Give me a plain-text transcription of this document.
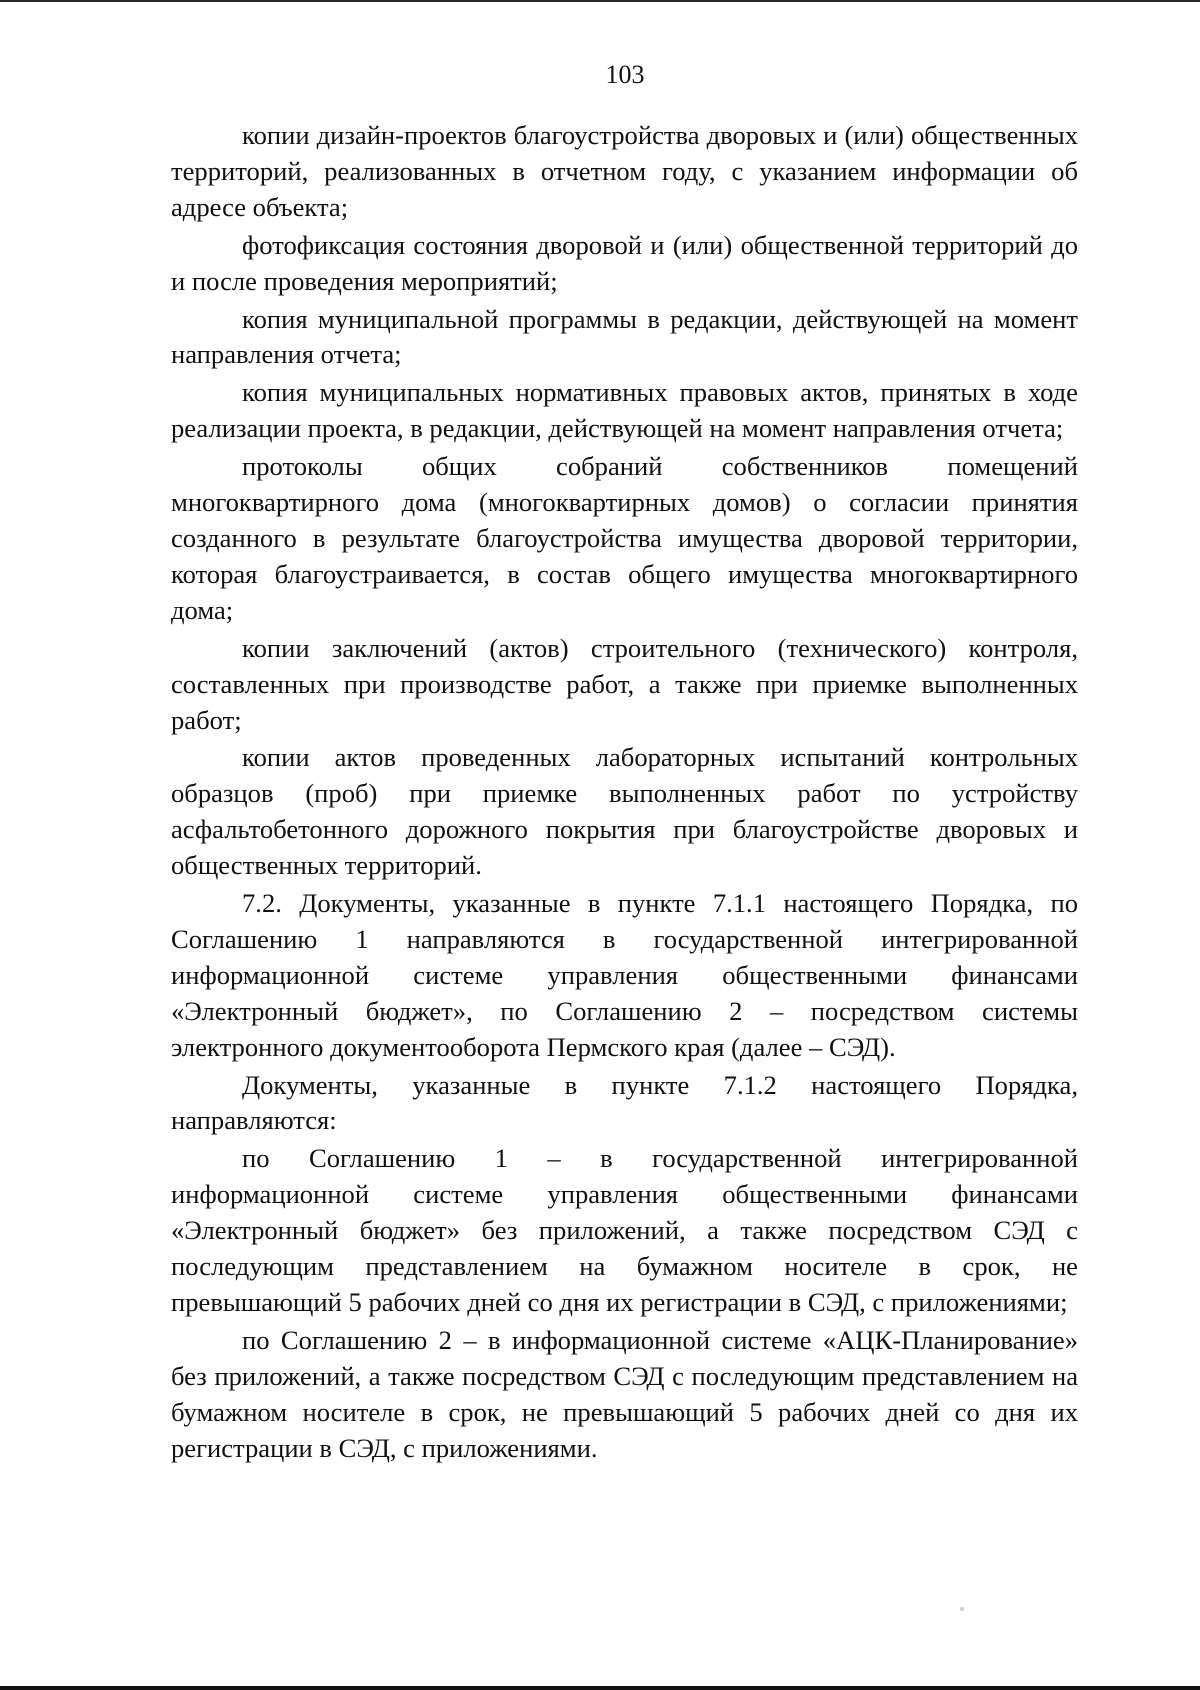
103

копии дизайн-проектов благоустройства дворовых и (или) общественных территорий, реализованных в отчетном году, с указанием информации об адресе объекта;

фотофиксация состояния дворовой и (или) общественной территорий до и после проведения мероприятий;

копия муниципальной программы в редакции, действующей на момент направления отчета;

копия муниципальных нормативных правовых актов, принятых в ходе реализации проекта, в редакции, действующей на момент направления отчета;

протоколы общих собраний собственников помещений многоквартирного дома (многоквартирных домов) о согласии принятия созданного в результате благоустройства имущества дворовой территории, которая благоустраивается, в состав общего имущества многоквартирного дома;

копии заключений (актов) строительного (технического) контроля, составленных при производстве работ, а также при приемке выполненных работ;

копии актов проведенных лабораторных испытаний контрольных образцов (проб) при приемке выполненных работ по устройству асфальтобетонного дорожного покрытия при благоустройстве дворовых и общественных территорий.

7.2. Документы, указанные в пункте 7.1.1 настоящего Порядка, по Соглашению 1 направляются в государственной интегрированной информационной системе управления общественными финансами «Электронный бюджет», по Соглашению 2 – посредством системы электронного документооборота Пермского края (далее – СЭД).

Документы, указанные в пункте 7.1.2 настоящего Порядка, направляются:

по Соглашению 1 – в государственной интегрированной информационной системе управления общественными финансами «Электронный бюджет» без приложений, а также посредством СЭД с последующим представлением на бумажном носителе в срок, не превышающий 5 рабочих дней со дня их регистрации в СЭД, с приложениями;

по Соглашению 2 – в информационной системе «АЦК-Планирование» без приложений, а также посредством СЭД с последующим представлением на бумажном носителе в срок, не превышающий 5 рабочих дней со дня их регистрации в СЭД, с приложениями.
